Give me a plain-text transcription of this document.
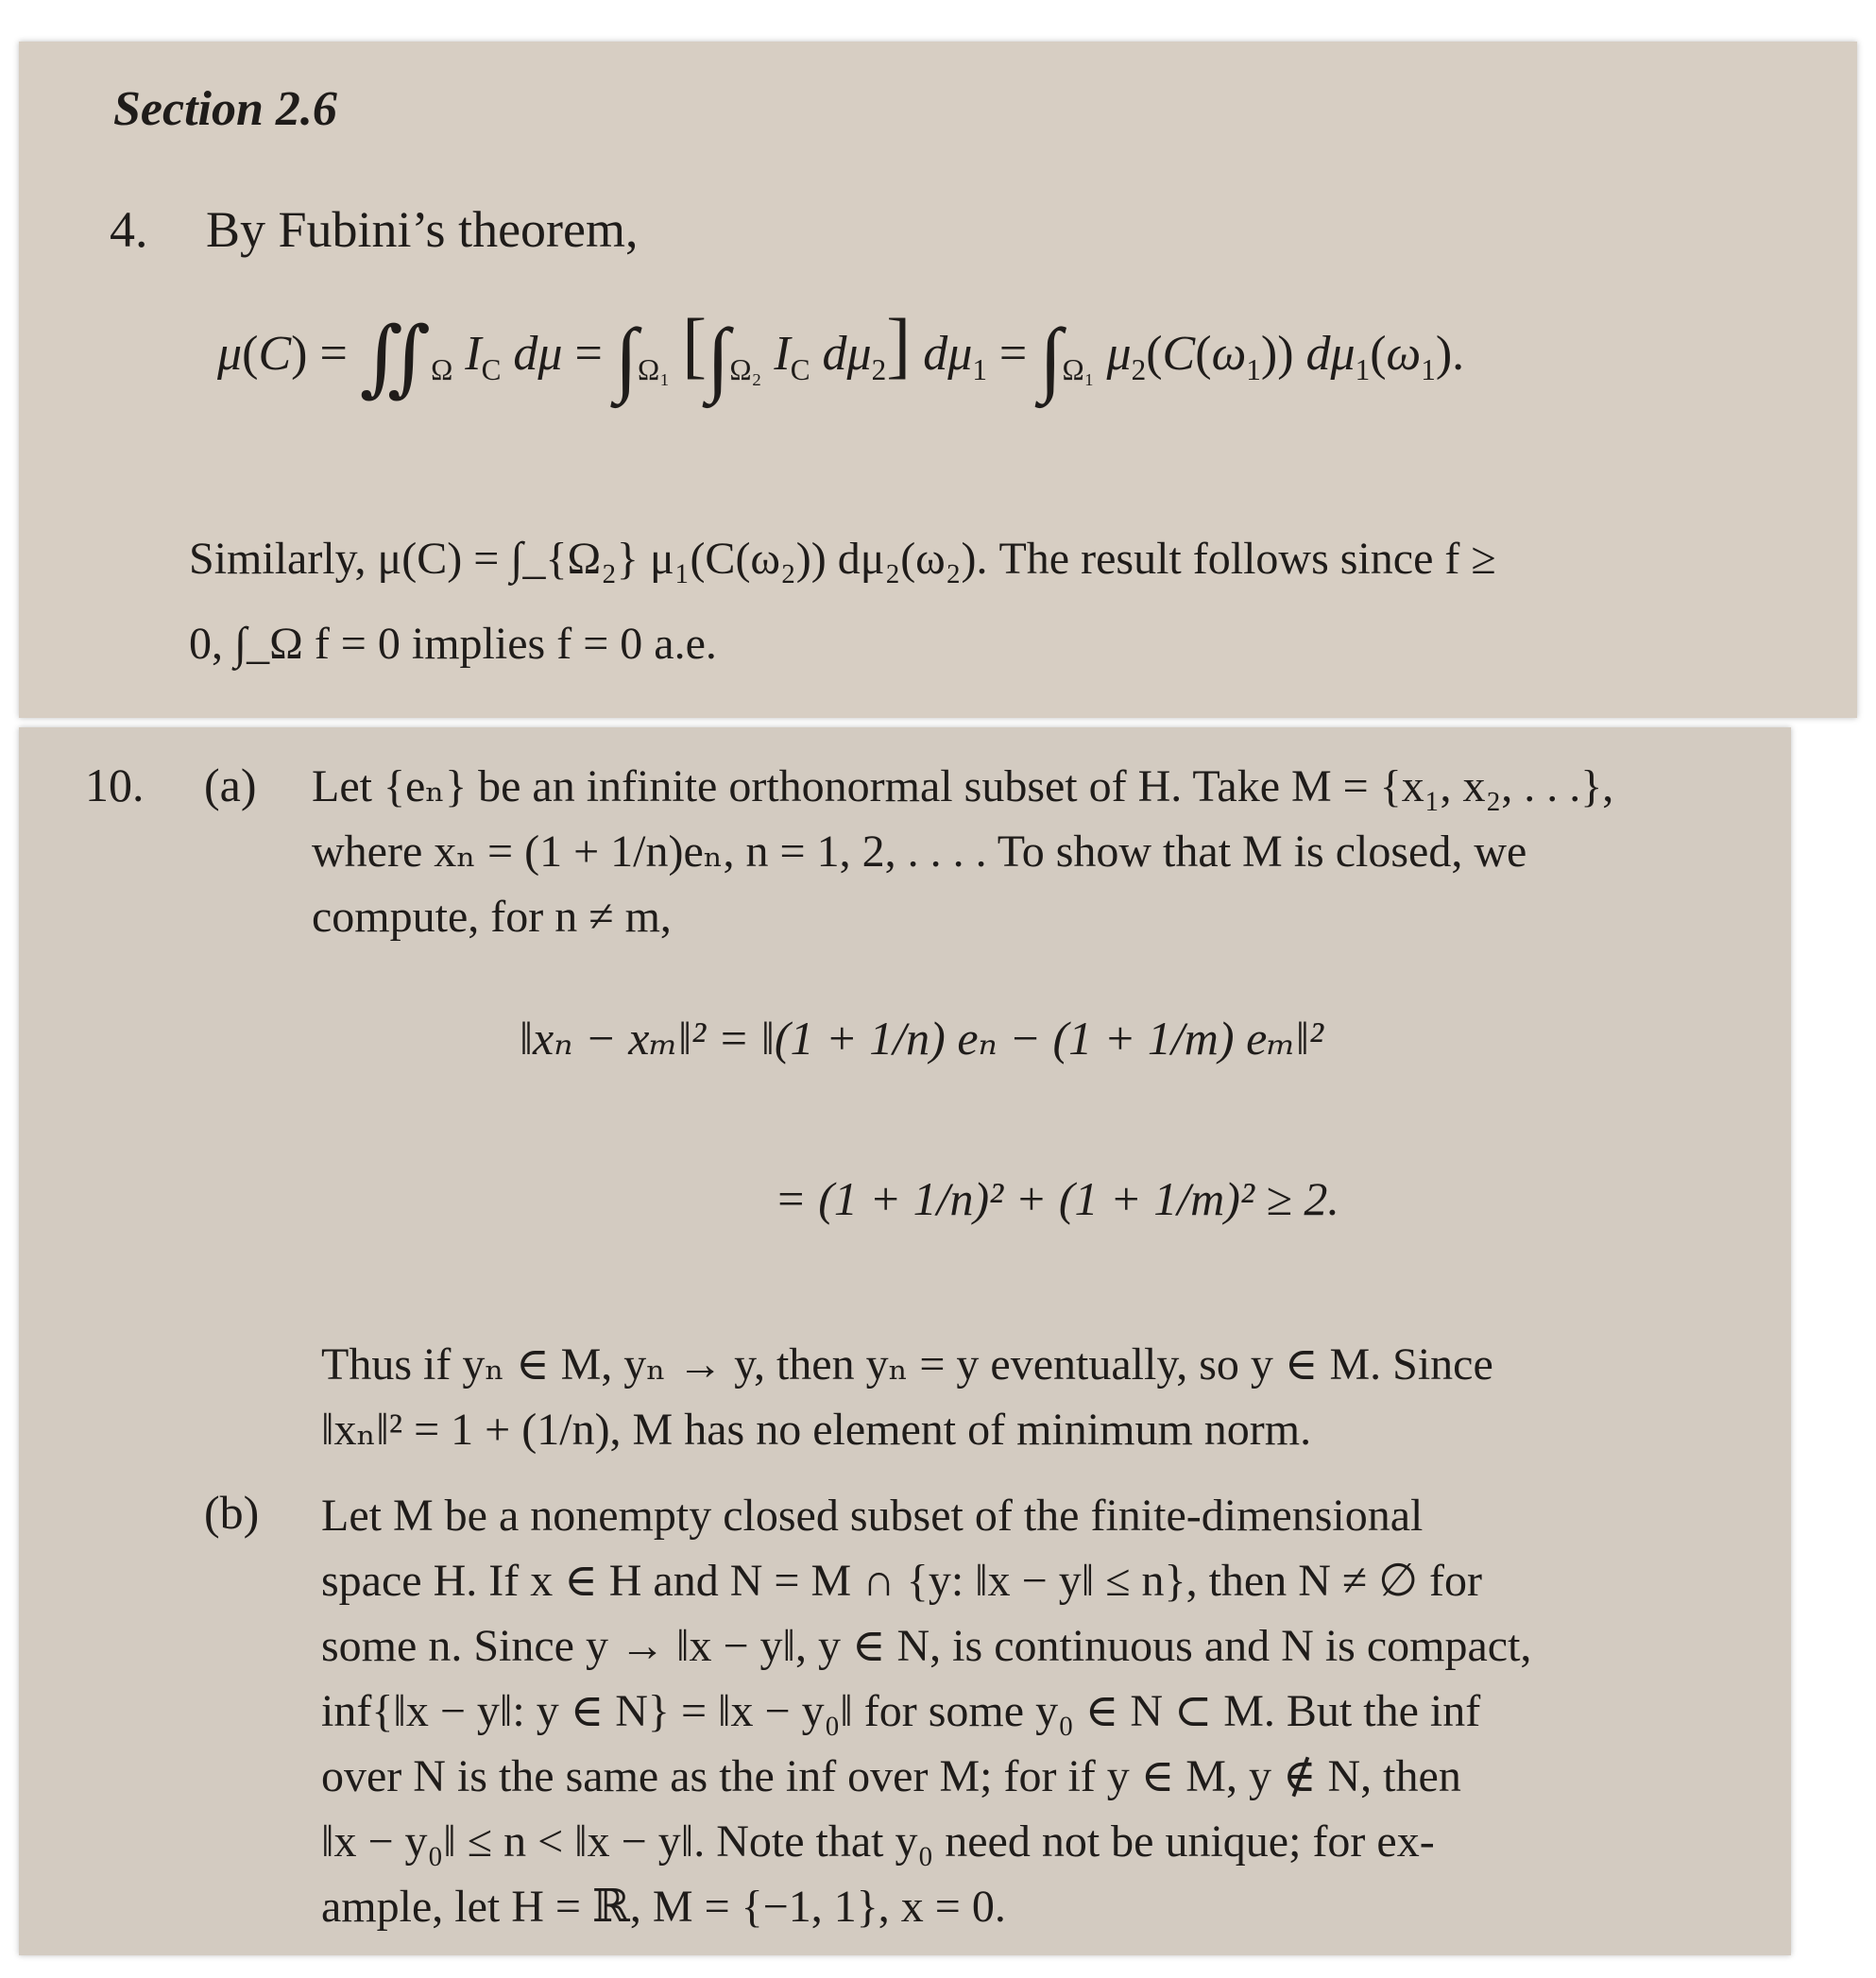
Section 2.6
4. By Fubini’s theorem,
$\mu(C) = ∬_\Omega$ $I_C$ $d\mu = \int_{\Omega_1}$ [$\int_{\Omega_2}$ $I_C$ $d\mu_2$] $d\mu_1 = \int_{\Omega_1}$ $\mu_2(C(\omega_1))$ $d\mu_1(\omega_1)$.
Similarly, μ(C) = ∫_{Ω₂} μ₁(C(ω₂)) dμ₂(ω₂). The result follows since f ≥
0, ∫_Ω f = 0 implies f = 0 a.e.
10. (a) Let {eₙ} be an infinite orthonormal subset of H. Take M = {x₁, x₂, . . .},
where xₙ = (1 + 1/n)eₙ, n = 1, 2, . . . . To show that M is closed, we
compute, for n ≠ m,
‖xₙ − xₘ‖² = ‖(1 + 1/n) eₙ − (1 + 1/m) eₘ‖²
= (1 + 1/n)² + (1 + 1/m)² ≥ 2.
Thus if yₙ ∈ M, yₙ → y, then yₙ = y eventually, so y ∈ M. Since
‖xₙ‖² = 1 + (1/n), M has no element of minimum norm.
(b) Let M be a nonempty closed subset of the finite-dimensional
space H. If x ∈ H and N = M ∩ {y: ‖x − y‖ ≤ n}, then N ≠ ∅ for
some n. Since y → ‖x − y‖, y ∈ N, is continuous and N is compact,
inf{‖x − y‖: y ∈ N} = ‖x − y₀‖ for some y₀ ∈ N ⊂ M. But the inf
over N is the same as the inf over M; for if y ∈ M, y ∉ N, then
‖x − y₀‖ ≤ n < ‖x − y‖. Note that y₀ need not be unique; for ex-
ample, let H = ℝ, M = {−1, 1}, x = 0.
